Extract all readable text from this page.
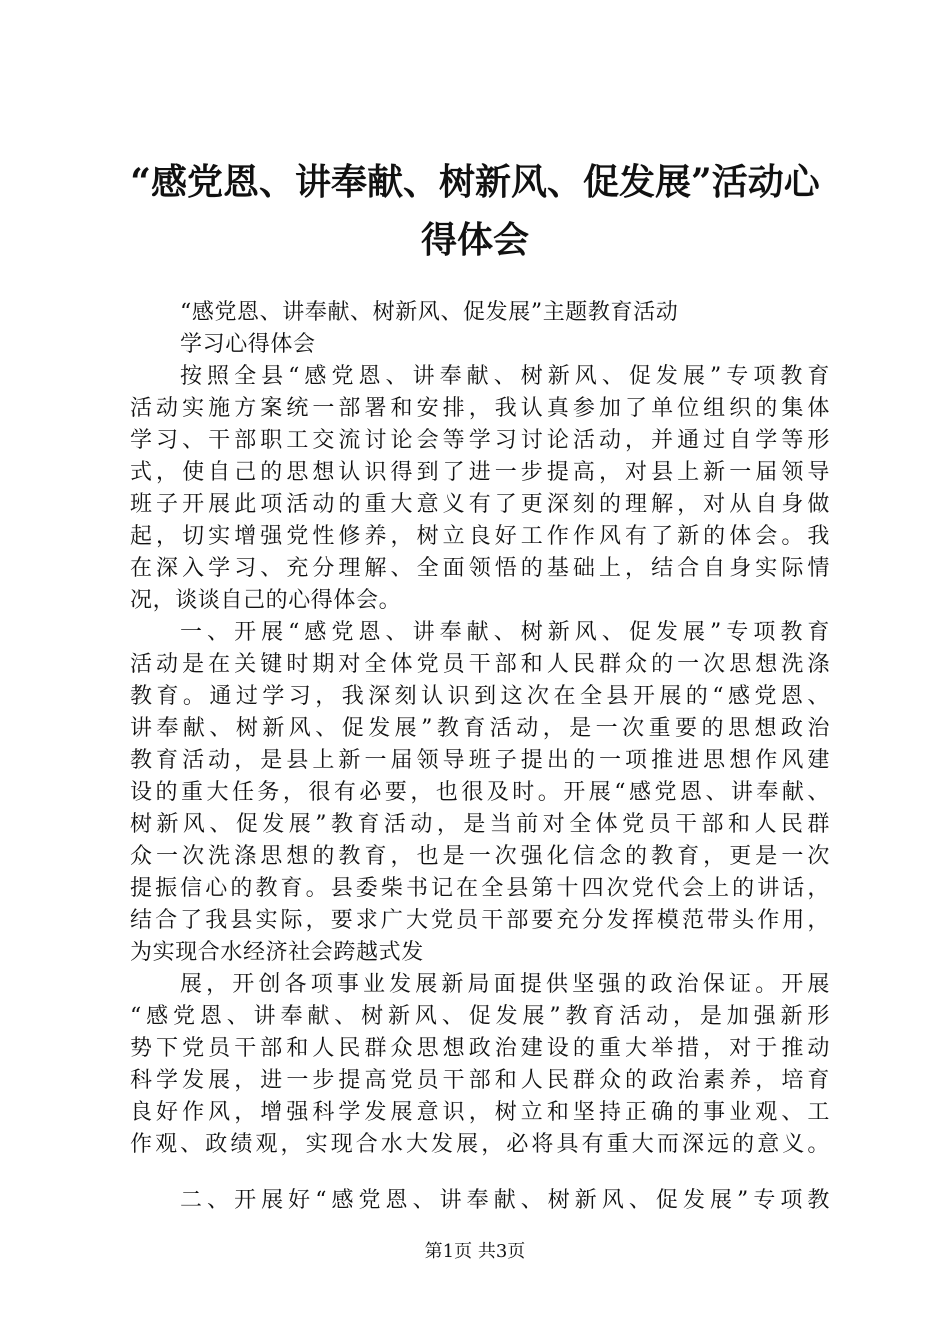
“感党恩、讲奉献、树新风、促发展”活动心
得体会
“感党恩、讲奉献、树新风、促发展”主题教育活动
学习心得体会
按照全县“感党恩、讲奉献、树新风、促发展”专项教育
活动实施方案统一部署和安排，我认真参加了单位组织的集体
学习、干部职工交流讨论会等学习讨论活动，并通过自学等形
式，使自己的思想认识得到了进一步提高，对县上新一届领导
班子开展此项活动的重大意义有了更深刻的理解，对从自身做
起，切实增强党性修养，树立良好工作作风有了新的体会。我
在深入学习、充分理解、全面领悟的基础上，结合自身实际情
况，谈谈自己的心得体会。
一、开展“感党恩、讲奉献、树新风、促发展”专项教育
活动是在关键时期对全体党员干部和人民群众的一次思想洗涤
教育。通过学习，我深刻认识到这次在全县开展的“感党恩、
讲奉献、树新风、促发展”教育活动，是一次重要的思想政治
教育活动，是县上新一届领导班子提出的一项推进思想作风建
设的重大任务，很有必要，也很及时。开展“感党恩、讲奉献、
树新风、促发展”教育活动，是当前对全体党员干部和人民群
众一次洗涤思想的教育，也是一次强化信念的教育，更是一次
提振信心的教育。县委柴书记在全县第十四次党代会上的讲话，
结合了我县实际，要求广大党员干部要充分发挥模范带头作用，
为实现合水经济社会跨越式发
展，开创各项事业发展新局面提供坚强的政治保证。开展
“感党恩、讲奉献、树新风、促发展”教育活动，是加强新形
势下党员干部和人民群众思想政治建设的重大举措，对于推动
科学发展，进一步提高党员干部和人民群众的政治素养，培育
良好作风，增强科学发展意识，树立和坚持正确的事业观、工
作观、政绩观，实现合水大发展，必将具有重大而深远的意义。
二、开展好“感党恩、讲奉献、树新风、促发展”专项教
第1页 共3页
